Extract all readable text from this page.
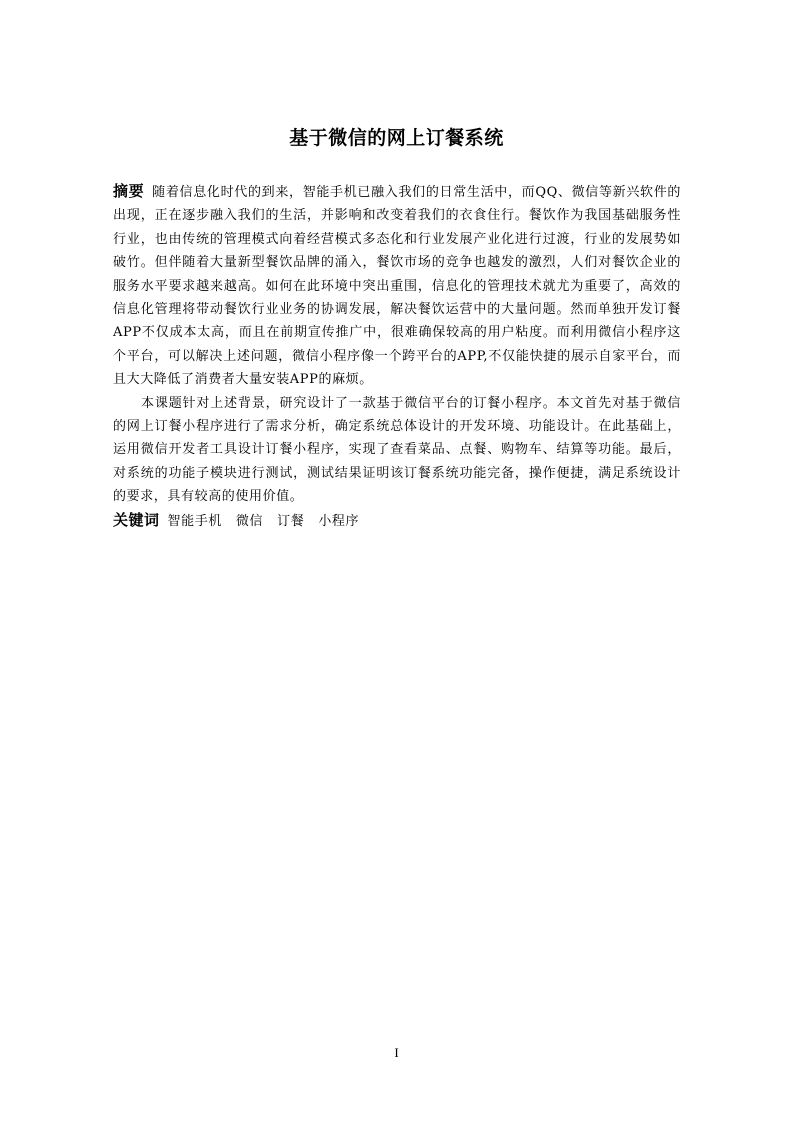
基于微信的网上订餐系统

摘要 随着信息化时代的到来，智能手机已融入我们的日常生活中，而QQ、微信等新兴软件的出现，正在逐步融入我们的生活，并影响和改变着我们的衣食住行。餐饮作为我国基础服务性行业，也由传统的管理模式向着经营模式多态化和行业发展产业化进行过渡，行业的发展势如破竹。但伴随着大量新型餐饮品牌的涌入，餐饮市场的竞争也越发的激烈，人们对餐饮企业的服务水平要求越来越高。如何在此环境中突出重围，信息化的管理技术就尤为重要了，高效的信息化管理将带动餐饮行业业务的协调发展，解决餐饮运营中的大量问题。然而单独开发订餐APP不仅成本太高，而且在前期宣传推广中，很难确保较高的用户粘度。而利用微信小程序这个平台，可以解决上述问题，微信小程序像一个跨平台的APP,不仅能快捷的展示自家平台，而且大大降低了消费者大量安装APP的麻烦。

本课题针对上述背景，研究设计了一款基于微信平台的订餐小程序。本文首先对基于微信的网上订餐小程序进行了需求分析，确定系统总体设计的开发环境、功能设计。在此基础上，运用微信开发者工具设计订餐小程序，实现了查看菜品、点餐、购物车、结算等功能。最后，对系统的功能子模块进行测试，测试结果证明该订餐系统功能完备，操作便捷，满足系统设计的要求，具有较高的使用价值。

关键词 智能手机 微信 订餐 小程序

I
